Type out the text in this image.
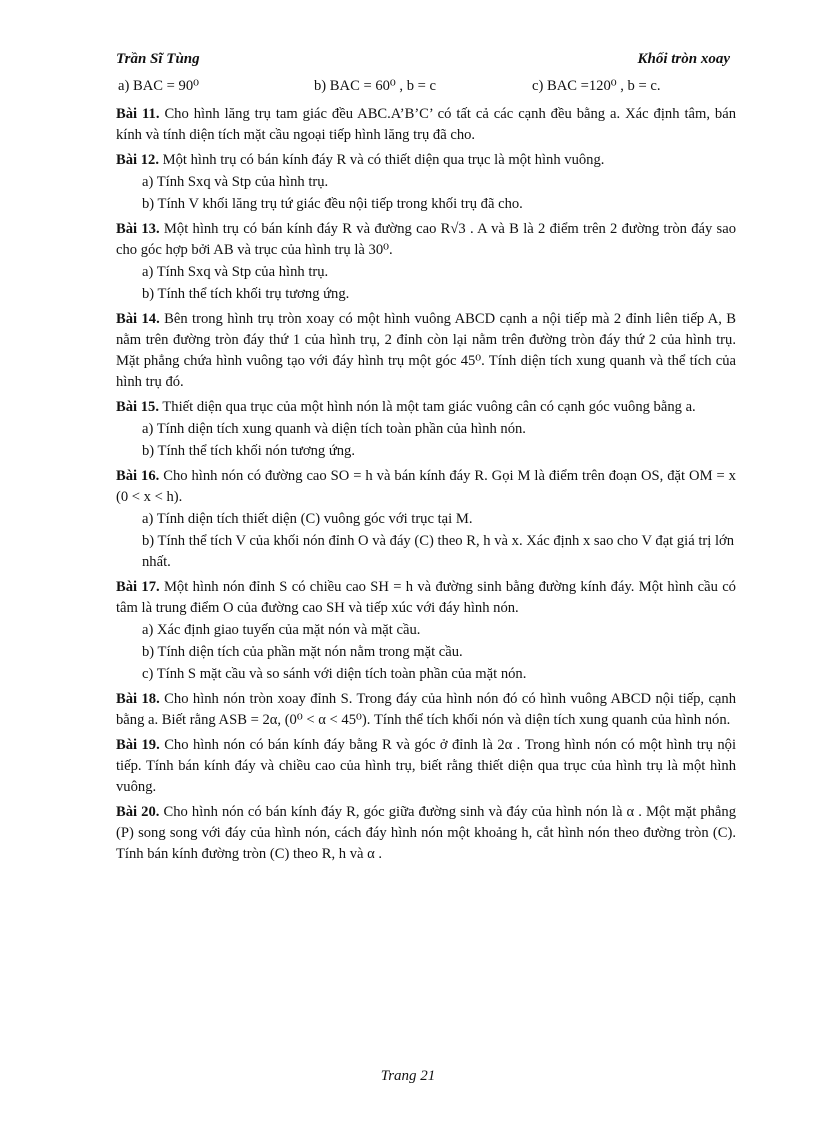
Trần Sĩ Tùng	Khối tròn xoay
a) BAC = 90⁰	b) BAC = 60⁰ , b = c	c) BAC =120⁰ , b = c.
Bài 11. Cho hình lăng trụ tam giác đều ABC.A’B’C’ có tất cả các cạnh đều bằng a. Xác định tâm, bán kính và tính diện tích mặt cầu ngoại tiếp hình lăng trụ đã cho.
Bài 12. Một hình trụ có bán kính đáy R và có thiết diện qua trục là một hình vuông.
a) Tính Sxq và Stp của hình trụ.
b) Tính V khối lăng trụ tứ giác đều nội tiếp trong khối trụ đã cho.
Bài 13. Một hình trụ có bán kính đáy R và đường cao R√3 . A và B là 2 điểm trên 2 đường tròn đáy sao cho góc hợp bởi AB và trục của hình trụ là 30⁰.
a) Tính Sxq và Stp của hình trụ.
b) Tính thể tích khối trụ tương ứng.
Bài 14. Bên trong hình trụ tròn xoay có một hình vuông ABCD cạnh a nội tiếp mà 2 đỉnh liên tiếp A, B nằm trên đường tròn đáy thứ 1 của hình trụ, 2 đỉnh còn lại nằm trên đường tròn đáy thứ 2 của hình trụ. Mặt phẳng chứa hình vuông tạo với đáy hình trụ một góc 45⁰. Tính diện tích xung quanh và thể tích của hình trụ đó.
Bài 15. Thiết diện qua trục của một hình nón là một tam giác vuông cân có cạnh góc vuông bằng a.
a) Tính diện tích xung quanh và diện tích toàn phần của hình nón.
b) Tính thể tích khối nón tương ứng.
Bài 16. Cho hình nón có đường cao SO = h và bán kính đáy R. Gọi M là điểm trên đoạn OS, đặt OM = x (0 < x < h).
a) Tính diện tích thiết diện (C) vuông góc với trục tại M.
b) Tính thể tích V của khối nón đỉnh O và đáy (C) theo R, h và x. Xác định x sao cho V đạt giá trị lớn nhất.
Bài 17. Một hình nón đỉnh S có chiều cao SH = h và đường sinh bằng đường kính đáy. Một hình cầu có tâm là trung điểm O của đường cao SH và tiếp xúc với đáy hình nón.
a) Xác định giao tuyến của mặt nón và mặt cầu.
b) Tính diện tích của phần mặt nón nằm trong mặt cầu.
c) Tính S mặt cầu và so sánh với diện tích toàn phần của mặt nón.
Bài 18. Cho hình nón tròn xoay đỉnh S. Trong đáy của hình nón đó có hình vuông ABCD nội tiếp, cạnh bằng a. Biết rằng ASB = 2α, (0⁰ < α < 45⁰). Tính thể tích khối nón và diện tích xung quanh của hình nón.
Bài 19. Cho hình nón có bán kính đáy bằng R và góc ở đỉnh là 2α . Trong hình nón có một hình trụ nội tiếp. Tính bán kính đáy và chiều cao của hình trụ, biết rằng thiết diện qua trục của hình trụ là một hình vuông.
Bài 20. Cho hình nón có bán kính đáy R, góc giữa đường sinh và đáy của hình nón là α . Một mặt phẳng (P) song song với đáy của hình nón, cách đáy hình nón một khoảng h, cắt hình nón theo đường tròn (C). Tính bán kính đường tròn (C) theo R, h và α .
Trang 21
